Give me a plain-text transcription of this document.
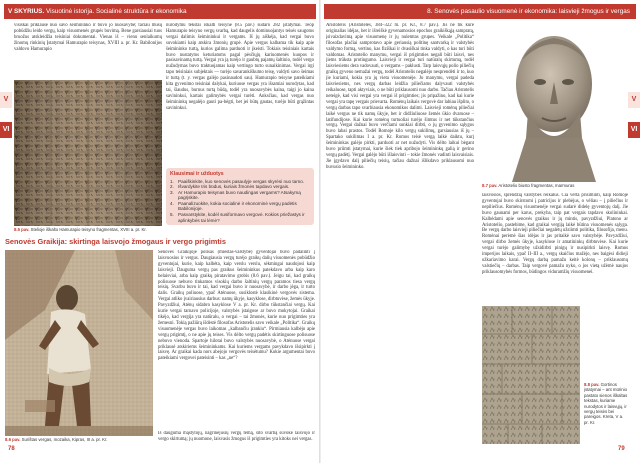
V SKYRIUS. Visuotinė istorija. Socialinė struktūra ir ekonomika	8. Senovės pasaulio visuomenė ir ekonomika: laisvieji žmogus ir vergas
V
VI
V
VI
visiškai priklausė nuo savo šeimininko ir buvo jo nuosavybė; tačiau mūsų pobūdžiu leido vergų, kaip visuomenės grupės buvimą. Bene garsiausiai tuos bruožus atskleidžia teisiniai dokumentai. Vienas iš – vienu senlaikumų žinomų rinkinių Įstatymai Hamurapio teisynas, XVIII a. pr. Kr. Babilonijos valdovo Hamurapio
8.5 pav. Stelioje iškalto Hamurapio teisyno fragmentas, XVIII a. pr. Kr.
nurodymu tekstai iškalti teisyne (8.5 pav.) sudaro 282 įstatymai. Teop Hamurapio teisyno vergų svarbą, kad daugelis dominuojantys teisės saugotos vergai dalimis šeimininkui ir vergams. Iš jų aiškėja, kad vergai buvo suvokiami kaip atskira žmonių grupė. Apie vergus kalbama tik kaip apie šeimininko turtą, kurios galima parduoti ir įkeisti. Tokiais teisiniais kartais buvo nustatytos keturiatoms pagal pėsčiųjų kariuomenės kuopos ir pasisavinamą turtą. Vergai yra ją turėjo ir gaubtų pajamų šaltinio, todėl vergo nužudymas buvo traktuojamas kaip vertingo turto sunaikinimas. Vergai irgi tapo teisiniais subjektais — turėjo savarankiškumo teisę, valdyti savo šeimas ir turtą (t. y. vergas galėjo pasinaudoti sau). Hamurapio teisyne pateikiami kita gyvenimo teisiniai dalykai, kuriuose vergas yra išsamiai nurodytas, kad tai, šiaudus, burnus turtą būdą, todėl yra nuosavybės kaina, taigi jo kaina savininkui, kartais galimybės vergai turėti. Anksčiau, kad vergas nuo šeimininkų negalėjo gauti pa-bėgti, bet jei būtų gautas, turėjo būti grąžintas savininkui.
Klausimai ir užduotys
1. Paaiškinkite, kuo senovės pasaulyje vergas skyrėsi nuo tarno.
2. Išvardykite tris būdus, kuriais žmonės tapdavo vergais.
3. Ar Hamurapio teisynas buvo naudingas vergams? Atsakymą pagrįskite.
4. Paanalizuokite, kokia socialinė ir ekonominė vergų padėtis Babilonijoje.
5. Pasvarstykite, kodėl susiformavo vergovė. Kokios priežastys ir aplinkybės tai lėmė?
Senovės Graikija: skirtinga laisvojo žmogaus ir vergo prigimtis
8.6 pav. Surištas vergas, mozaika, Kipras, III a. pr. Kr.
Senovės Graikijoje polisas (miestas-valstybė) gyventojai buvo padalinti į laisvuosius ir vergus. Daugiausia vergų turėjo graikų dalių visuomenės pobūdžio gyventojai, kurie, kaip kalbėta, kaip verslu verslu, sėkmingai naudojosi kaip laisvieji. Dauguma vergų pas graikus šeimininkus patekdavo arba kaip karo belaisviai, arba kaip graikų piratavimo grobis (8.6 pav.). Jeigu tai, kad graikų polisuose nebuvo tinkamos visokių darbo šaltinių vergų paramos tiesa vergų teisių. Svarbu buvo ir tai, kad vergai buvo ir nuosavybė, ir darbo jėga, ir turto dalis. Graikų poliuose, ypač Atėnuose, susiklostė klasikinė vergovės sistema. Vergai atliko įvairiausius darbus: namų ūkyje, kasyklose, dirbtuvėse, žemės ūkyje. Pavyzdžiui, Atėnų sidabro kasyklose V a. pr. Kr. dirbo tūkstančiai vergų. Kai kurie vergai tarnavo policijoje, valstybės įstaigose ar buvo mokytojai. Graikai tikėjo, kad vergija yra natūralu, o vergai – tai žmonės, kurie nuo prigimties yra žemesni. Tokią pažiūrą išdėstė filosofas Aristotelis savo veikale „Politika“. Graikų visuomenėje vergas buvo laikomas „kalbančiu įrankiu“. Pirmiausia kalbėjo apie vergų prigimtį, o ne apie jų teises. Vis dėlto vergų padėtis skirtinguose polisuose nebuvo vienoda. Spartoje hilotai buvo valstybės nuosavybė, o Atėnuose vergai priklausė atskiriems šeimininkams. Kai kuriems vergams pavykdavo išsipirkti į laisvę. Ar graikai kada nors abejojo vergovės teisėtumu? Kokie argumentai buvo pateikiami vergovei pateisinti – kas „ne“?
Iš dauguma mąstytojų, nagrinėjusių vergų temą, šito svarbą suvokė laisvojo ir vergo skirtumą; jų nuomone, laisvasis žmogus iš prigimties yra kitoks nei vergas.
78
Aristotelis (Aristotelės, 384–322 m. pr. Kr., 8.7 pav.). Jis ne tik kūrė originalias idėjas, bet ir išreiškė gyvenamosios epochos graikiškąją sampratą, įsivaizdavimą apie visuomenę ir jų nulemtas grupes. Veikale „Politika“ filosofas plačiai samprotavo apie geriausią politinę santvarką ir valstybės valdymo formą, vertino, kas fiziškai ir dvasiškai tinka valdyti, o kas turi būti valdomas. Aristotelio manymu, vergai iš prigimties negali būti laisvi, nes jiems trūksta protingumo. Laisvieji ir vergai turi natūralų skirtumą, todėl laisviesiems dera vadovauti, o vergams – paklusti. Tarp laisvųjų polio piliečių graikų gyveno nemažai vergų, todėl Aristotelis negalėjo nesprendėti ir to, kuo jie kuriami, kokia yra jų vieta visuomenėje. Jo manymu, vergai padeda laisviesiems, nes vergų darbas leidžia piliečiams dalyvauti valstybės reikaluose, tapti aktyviais, o ne būti priklausomi nuo darbo. Tačiau Aristotelis neteigė, kad visi vergai yra vergai iš prigimties; jis pripažino, kad kai kurie vergai yra tapę vergais prievarta. Romėnų laikais vergovė dar labiau išplito, o vergų darbas tapo svarbiausia ekonomikos dalimi. Laisvieji romėnų piliečiai laikė vergus ne tik namų ūkyje, bet ir didžiuliuose žemės ūkio dvaruose – latifundijose. Kai kurie romėnų turtuoliai turėjo šimtus ir net tūkstančius vergų. Vergai dažnai buvo verčiami sunkiai dirbti, o jų gyvenimo sąlygos buvo labai prastos. Todėl Romoje kilo vergų sukilimų, garsiausias iš jų – Spartako sukilimas I a. pr. Kr. Romos teisė vergą laikė daiktu, kurį šeimininkas galėjo pirkti, parduoti ar net nužudyti. Vis dėlto laikui bėgant buvo priimti įstatymai, kurie šiek tiek apribojo šeimininkų galią ir gerino vergų padėtį. Vergai galėjo būti išlaisvinti – tokie žmonės vadinti laisvaisiais. Jie įgydavo dalį piliečių teisių, tačiau dažnai išlikdavo priklausomi nuo buvusio šeimininko.
8.7 pav. Aristotelio biusto fragmentas, marmuras
laisvosios, sprendžią valstybės reikalus. Čia verta prisiminti, kaip Romoje gyventojai buvo skirstomi į patricijus ir plebėjus, o vėliau – į piliečius ir nepiliečius. Romėnų visuomenėje vergai sudarė didelę gyventojų dalį. Jie buvo gaunami per karus, prekyba, taip pat vergais tapdavo skolininkai. Kalbėdami apie senovės graikus ir jų mintis, pavyzdžiui, Platono ar Aristotelio, pastebime, kad graikai vergiją laikė būtina visuomenės sąlyga. Be vergų darbo laisvieji piliečiai negalėtų užsiimti politika, filosofija, menu. Romėnai perėmė šias idėjas ir jas pritaikė savo valstybėje. Pavyzdžiui, vergai dirbo žemės ūkyje, kasyklose ir amatininkų dirbtuvėse. Kai kurie vergai turėjo galimybę užsidirbti pinigų ir nusipirkti laisvę. Romos imperijos laikais, ypač II–III a., vergų skaičius mažėjo, nes baigėsi didieji užkariavimo karai. Vergų darbą pamažu keitė kolonų – priklausomų valstiečių – darbas. Taip vergovė pamažu nyko, o jos vietą užėmė naujos priklausomybės formos, būdingos viduramžių visuomenei.
8.8 pav. Gortinos įstatymai – ant mūrinio pastato sienos iškaltas tekstas, kuriame nurodytos ir laisvųjų, ir vergų teisės bei pareigos. Kreta, V a. pr. Kr.
79
